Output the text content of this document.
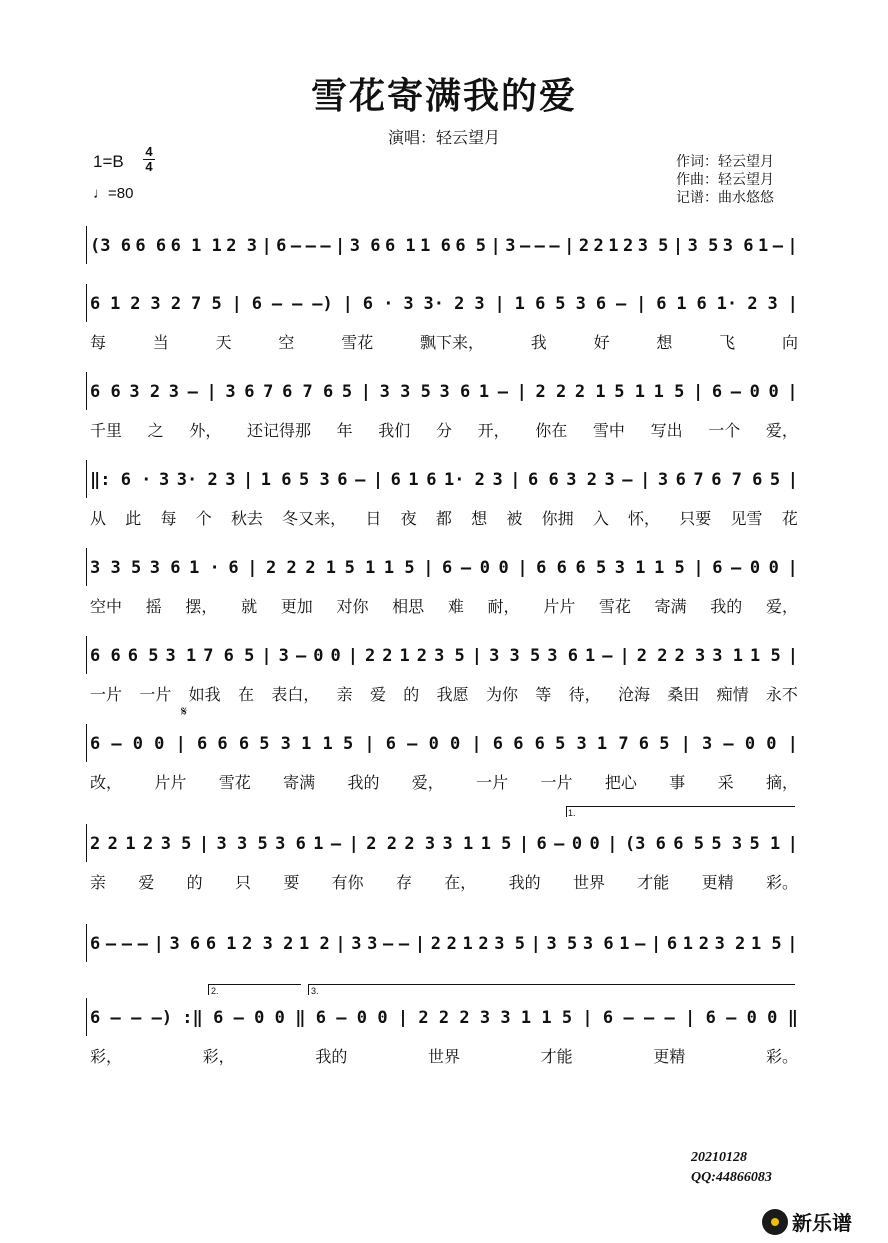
雪花寄满我的爱
演唱：轻云望月
1=B
4
4
♩=80
作词：轻云望月
作曲：轻云望月
记谱：曲水悠悠
(3 6 6 6 6 1 1 2 3 | 6 – – – | 3 6 6 1 1 6 6 5 | 3 – – – | 2 2 1 2 3 5 | 3 5 3 6 1 – |
6 1 2 3 2 7 5 | 6 – – –) | 6 · 3 3· 2 3 | 1 6 5 3 6 – | 6 1 6 1· 2 3 |
每	当	天	空	雪花	飘下来，	我	好	想	飞	向
6 6 3 2 3 – | 3 6 7 6 7 6 5 | 3 3 5 3 6 1 – | 2 2 2 1 5 1 1 5 | 6 – 0 0 |
千里 之 外， 还记得那 年 我们 分 开， 你在 雪中 写出 一个 爱，
‖: 6 · 3 3· 2 3 | 1 6 5 3 6 – | 6 1 6 1· 2 3 | 6 6 3 2 3 – | 3 6 7 6 7 6 5 |
从 此 每 个 秋去 冬又来， 日 夜 都 想 被 你拥 入 怀， 只要 见雪 花
3 3 5 3 6 1 · 6 | 2 2 2 1 5 1 1 5 | 6 – 0 0 | 6 6 6 5 3 1 1 5 | 6 – 0 0 |
空中 摇 摆， 就 更加 对你 相思 难 耐， 片片 雪花 寄满 我的 爱，
6 6 6 5 3 1 7 6 5 | 3 – 0 0 | 2 2 1 2 3 5 | 3 3 5 3 6 1 – | 2 2 2 3 3 1 1 5 |
一片 一片 如我 在 表白， 亲 爱 的 我愿 为你 等 待， 沧海 桑田 痴情 永不
6 – 0 0 | 6 6 6 5 3 1 1 5 | 6 – 0 0 | 6 6 6 5 3 1 7 6 5 | 3 – 0 0 |
改， 片片 雪花 寄满 我的 爱， 一片 一片 把心 事 采 摘，
2 2 1 2 3 5 | 3 3 5 3 6 1 – | 2 2 2 3 3 1 1 5 | 6 – 0 0 | (3 6 6 5 5 3 5 1 |
亲 爱 的 只 要 有你 存 在， 我的 世界 才能 更精 彩。
6 – – – | 3 6 6 1 2 3 2 1 2 | 3 3 – – | 2 2 1 2 3 5 | 3 5 3 6 1 – | 6 1 2 3 2 1 5 |
6 – – –) :‖ 6 – 0 0 ‖ 6 – 0 0 | 2 2 2 3 3 1 1 5 | 6 – – – | 6 – 0 0 ‖
彩，	彩，	我的	世界	才能	更精	彩。
1.
2.	3.
𝄋
20210128
QQ:44866083
新乐谱
